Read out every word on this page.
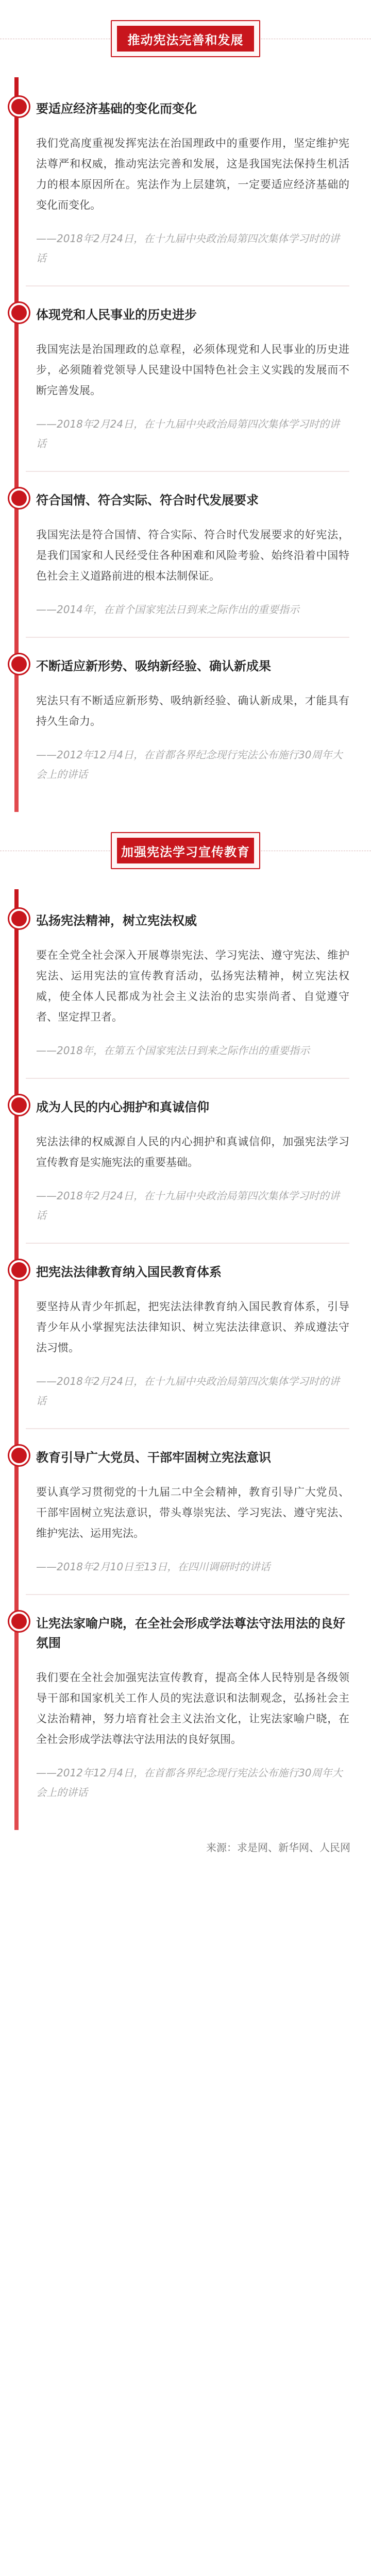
推动宪法完善和发展
要适应经济基础的变化而变化

我们党高度重视发挥宪法在治国理政中的重要作用，坚定维护宪法尊严和权威，推动宪法完善和发展，这是我国宪法保持生机活力的根本原因所在。宪法作为上层建筑，一定要适应经济基础的变化而变化。

——2018年2月24日，在十九届中央政治局第四次集体学习时的讲话

体现党和人民事业的历史进步

我国宪法是治国理政的总章程，必须体现党和人民事业的历史进步，必须随着党领导人民建设中国特色社会主义实践的发展而不断完善发展。

——2018年2月24日，在十九届中央政治局第四次集体学习时的讲话

符合国情、符合实际、符合时代发展要求

我国宪法是符合国情、符合实际、符合时代发展要求的好宪法，是我们国家和人民经受住各种困难和风险考验、始终沿着中国特色社会主义道路前进的根本法制保证。

——2014年，在首个国家宪法日到来之际作出的重要指示

不断适应新形势、吸纳新经验、确认新成果

宪法只有不断适应新形势、吸纳新经验、确认新成果，才能具有持久生命力。

——2012年12月4日，在首都各界纪念现行宪法公布施行30周年大会上的讲话

加强宪法学习宣传教育
弘扬宪法精神，树立宪法权威

要在全党全社会深入开展尊崇宪法、学习宪法、遵守宪法、维护宪法、运用宪法的宣传教育活动，弘扬宪法精神，树立宪法权威，使全体人民都成为社会主义法治的忠实崇尚者、自觉遵守者、坚定捍卫者。

——2018年，在第五个国家宪法日到来之际作出的重要指示

成为人民的内心拥护和真诚信仰

宪法法律的权威源自人民的内心拥护和真诚信仰，加强宪法学习宣传教育是实施宪法的重要基础。

——2018年2月24日，在十九届中央政治局第四次集体学习时的讲话

把宪法法律教育纳入国民教育体系

要坚持从青少年抓起，把宪法法律教育纳入国民教育体系，引导青少年从小掌握宪法法律知识、树立宪法法律意识、养成遵法守法习惯。

——2018年2月24日，在十九届中央政治局第四次集体学习时的讲话

教育引导广大党员、干部牢固树立宪法意识

要认真学习贯彻党的十九届二中全会精神，教育引导广大党员、干部牢固树立宪法意识，带头尊崇宪法、学习宪法、遵守宪法、维护宪法、运用宪法。

——2018年2月10日至13日，在四川调研时的讲话

让宪法家喻户晓，在全社会形成学法尊法守法用法的良好氛围

我们要在全社会加强宪法宣传教育，提高全体人民特别是各级领导干部和国家机关工作人员的宪法意识和法制观念，弘扬社会主义法治精神，努力培育社会主义法治文化，让宪法家喻户晓，在全社会形成学法尊法守法用法的良好氛围。

——2012年12月4日，在首都各界纪念现行宪法公布施行30周年大会上的讲话

来源：求是网、新华网、人民网
